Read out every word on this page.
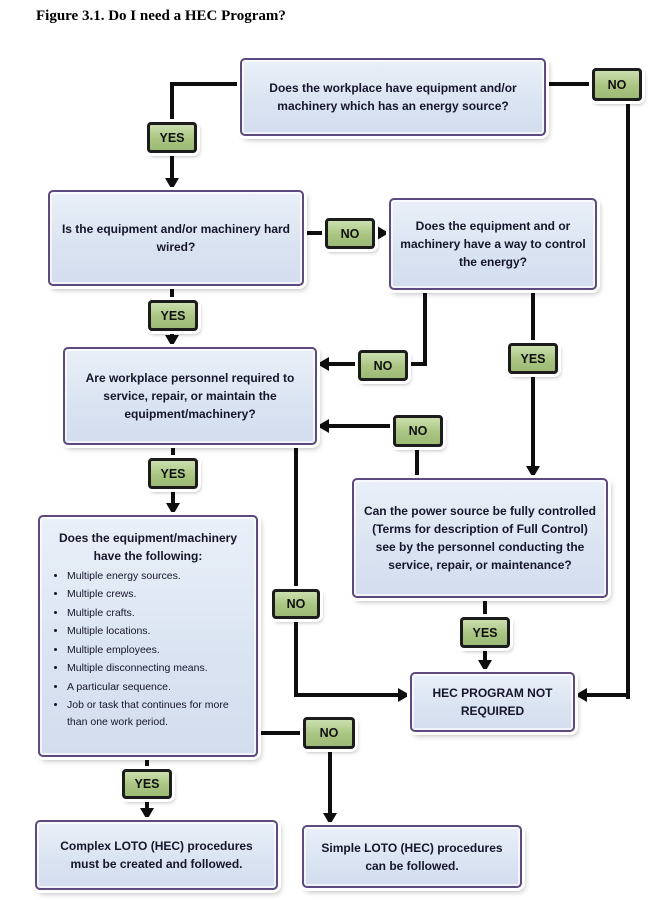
Figure 3.1. Do I need a HEC Program?
Does the workplace have equipment and/or machinery which has an energy source?
Is the equipment and/or machinery hard wired?
Does the equipment and or machinery have a way to control the energy?
Are workplace personnel required to service, repair, or maintain the equipment/machinery?
Can the power source be fully controlled (Terms for description of Full Control) see by the personnel conducting the service, repair, or maintenance?
Does the equipment/machinery have the following:
• Multiple energy sources.
• Multiple crews.
• Multiple crafts.
• Multiple locations.
• Multiple employees.
• Multiple disconnecting means.
• A particular sequence.
• Job or task that continues for more than one work period.
HEC PROGRAM NOT REQUIRED
Complex LOTO (HEC) procedures must be created and followed.
Simple LOTO (HEC) procedures can be followed.
YES
NO
NO
YES
NO	YES
NO
YES
NO
YES
NO
YES
